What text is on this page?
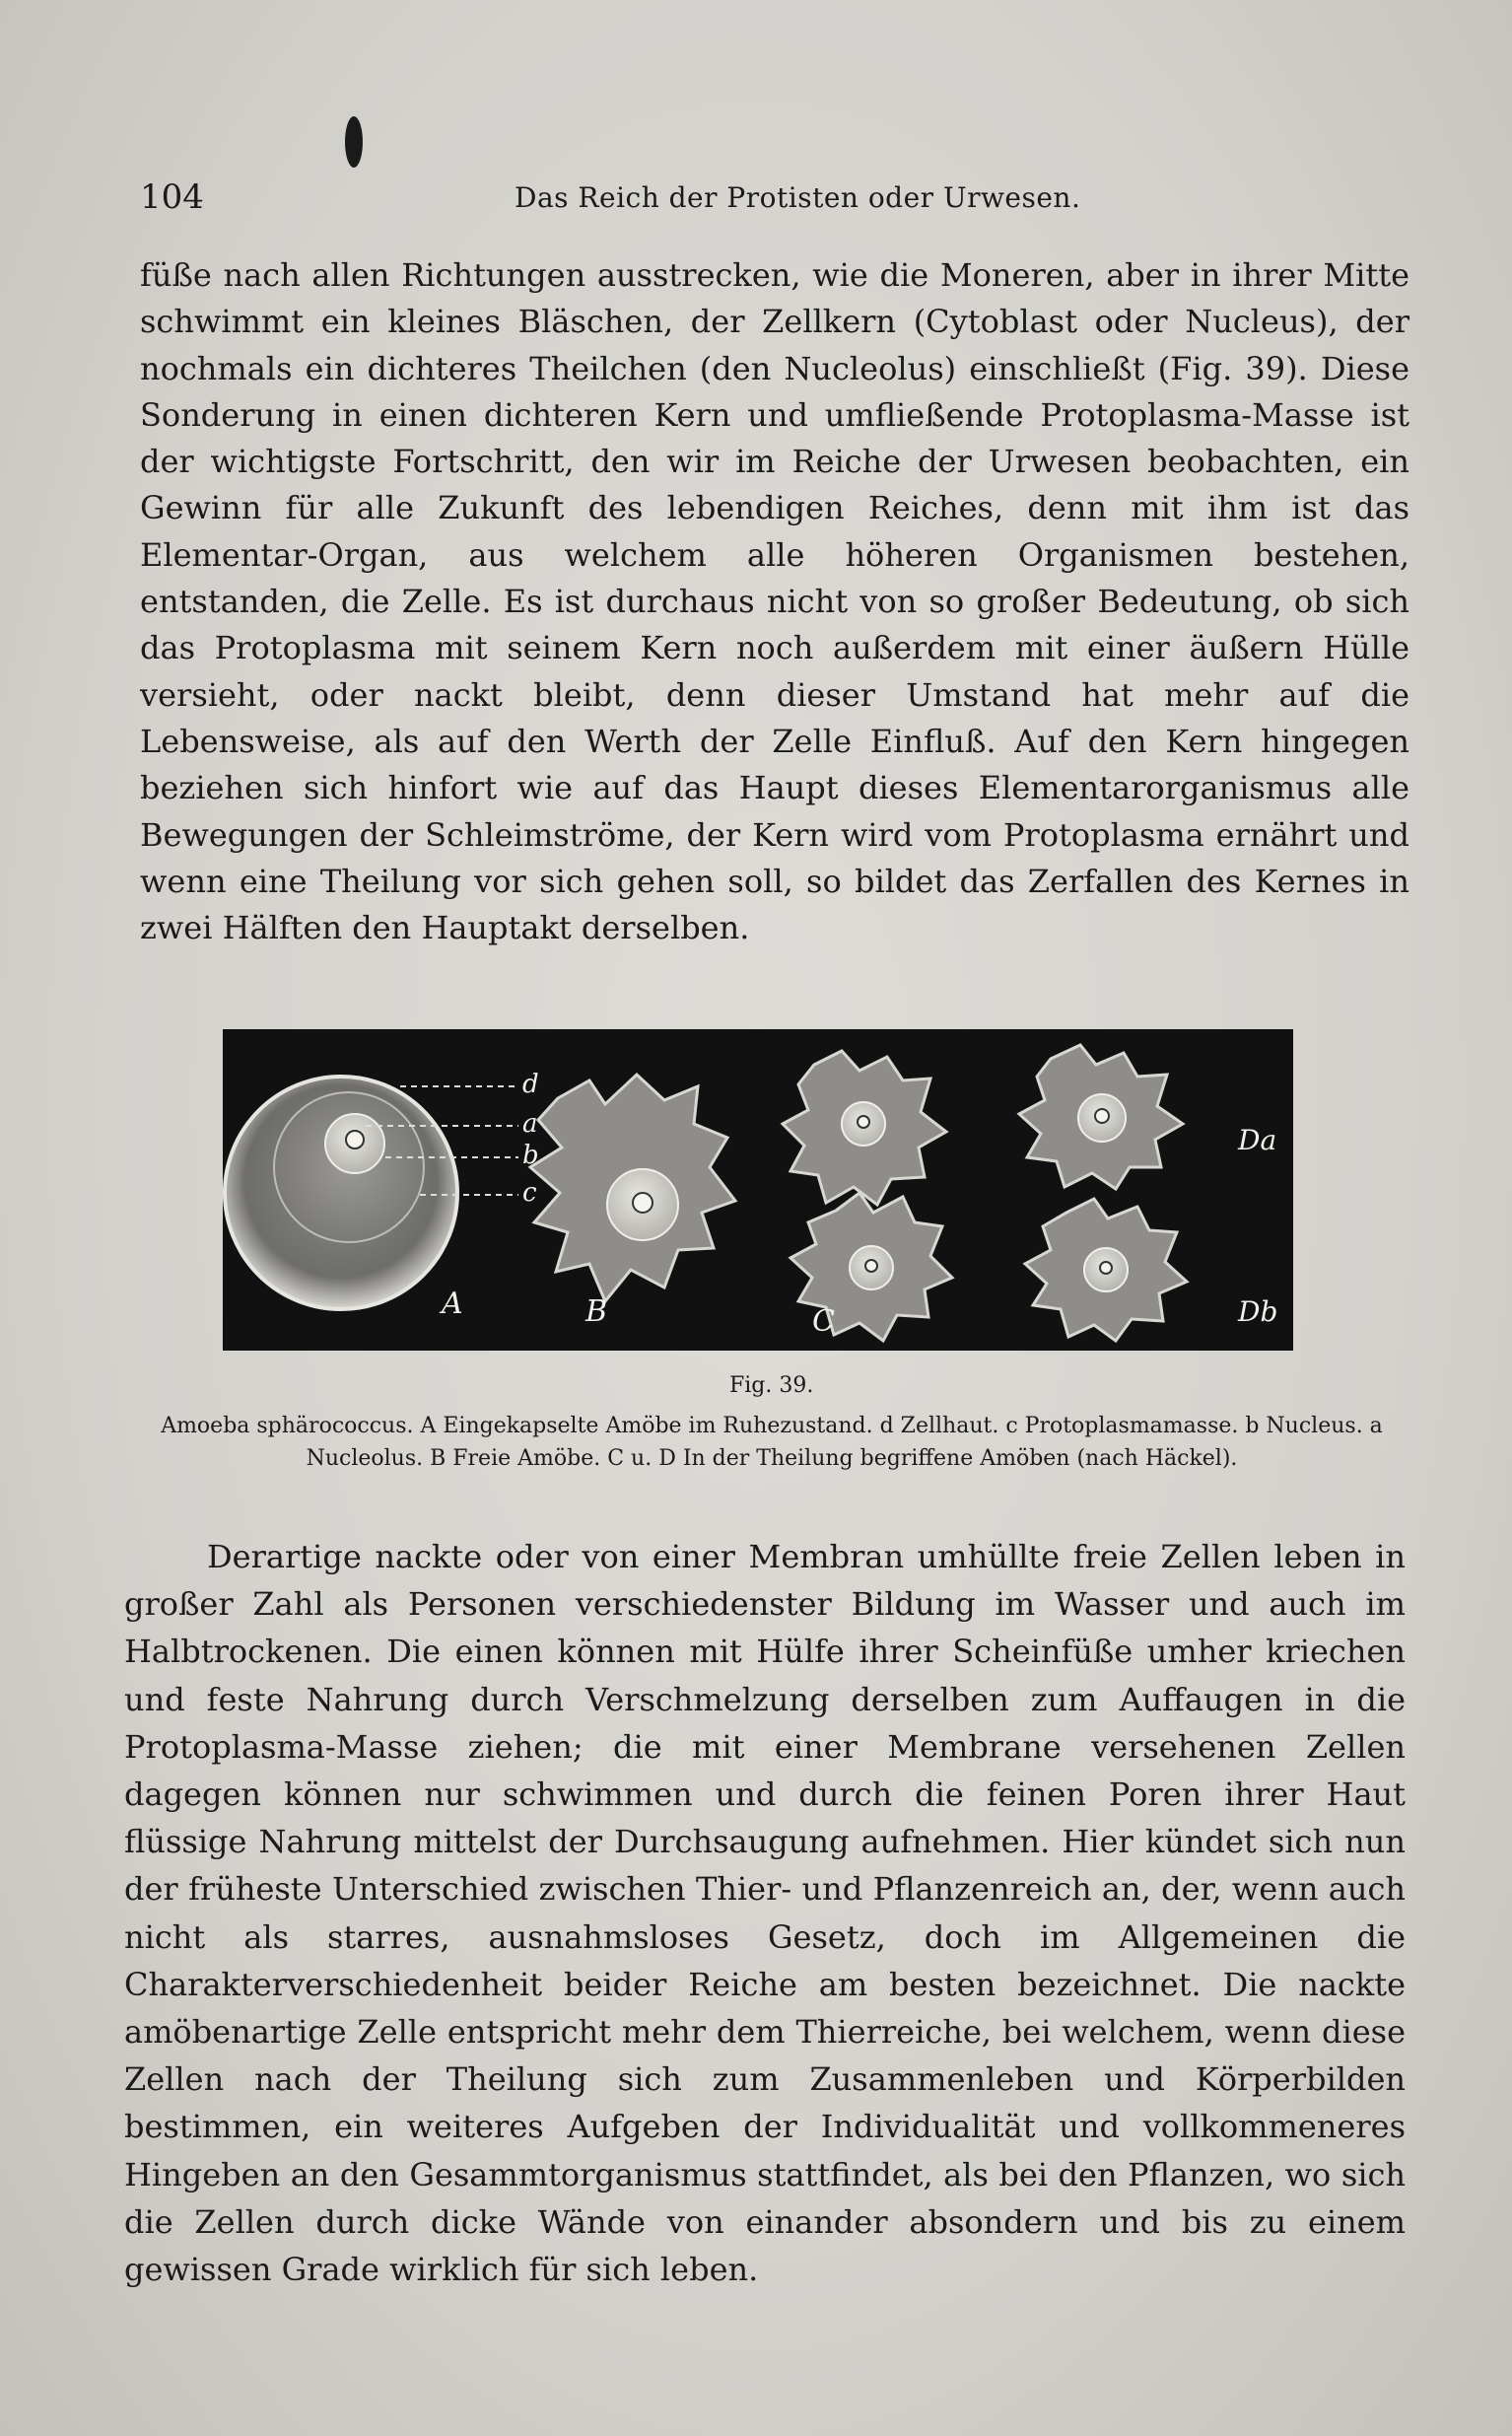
104	Das Reich der Protisten oder Urwesen.

füße nach allen Richtungen ausstrecken, wie die Moneren, aber in ihrer Mitte schwimmt ein kleines Bläschen, der Zellkern (Cytoblast oder Nucleus), der nochmals ein dichteres Theilchen (den Nucleolus) einschließt (Fig. 39). Diese Sonderung in einen dichteren Kern und umfließende Protoplasma-Masse ist der wichtigste Fortschritt, den wir im Reiche der Urwesen beobachten, ein Gewinn für alle Zukunft des lebendigen Reiches, denn mit ihm ist das Elementar-Organ, aus welchem alle höheren Organismen bestehen, entstanden, die Zelle. Es ist durchaus nicht von so großer Bedeutung, ob sich das Protoplasma mit seinem Kern noch außerdem mit einer äußern Hülle versieht, oder nackt bleibt, denn dieser Umstand hat mehr auf die Lebensweise, als auf den Werth der Zelle Einfluß. Auf den Kern hingegen beziehen sich hinfort wie auf das Haupt dieses Elementarorganismus alle Bewegungen der Schleimströme, der Kern wird vom Protoplasma ernährt und wenn eine Theilung vor sich gehen soll, so bildet das Zerfallen des Kernes in zwei Hälften den Hauptakt derselben.

d
a
b
c
A	B	C
Da
Db
Fig. 39.

Amoeba sphärococcus. A Eingekapselte Amöbe im Ruhezustand. d Zellhaut. c Protoplasmamasse. b Nucleus. a Nucleolus. B Freie Amöbe. C u. D In der Theilung begriffene Amöben (nach Häckel).

Derartige nackte oder von einer Membran umhüllte freie Zellen leben in großer Zahl als Personen verschiedenster Bildung im Wasser und auch im Halbtrockenen. Die einen können mit Hülfe ihrer Scheinfüße umher kriechen und feste Nahrung durch Verschmelzung derselben zum Auffaugen in die Protoplasma-Masse ziehen; die mit einer Membrane versehenen Zellen dagegen können nur schwimmen und durch die feinen Poren ihrer Haut flüssige Nahrung mittelst der Durchsaugung aufnehmen. Hier kündet sich nun der früheste Unterschied zwischen Thier- und Pflanzenreich an, der, wenn auch nicht als starres, ausnahmsloses Gesetz, doch im Allgemeinen die Charakterverschiedenheit beider Reiche am besten bezeichnet. Die nackte amöbenartige Zelle entspricht mehr dem Thierreiche, bei welchem, wenn diese Zellen nach der Theilung sich zum Zusammenleben und Körperbilden bestimmen, ein weiteres Aufgeben der Individualität und vollkommeneres Hingeben an den Gesammtorganismus stattfindet, als bei den Pflanzen, wo sich die Zellen durch dicke Wände von einander absondern und bis zu einem gewissen Grade wirklich für sich leben.
